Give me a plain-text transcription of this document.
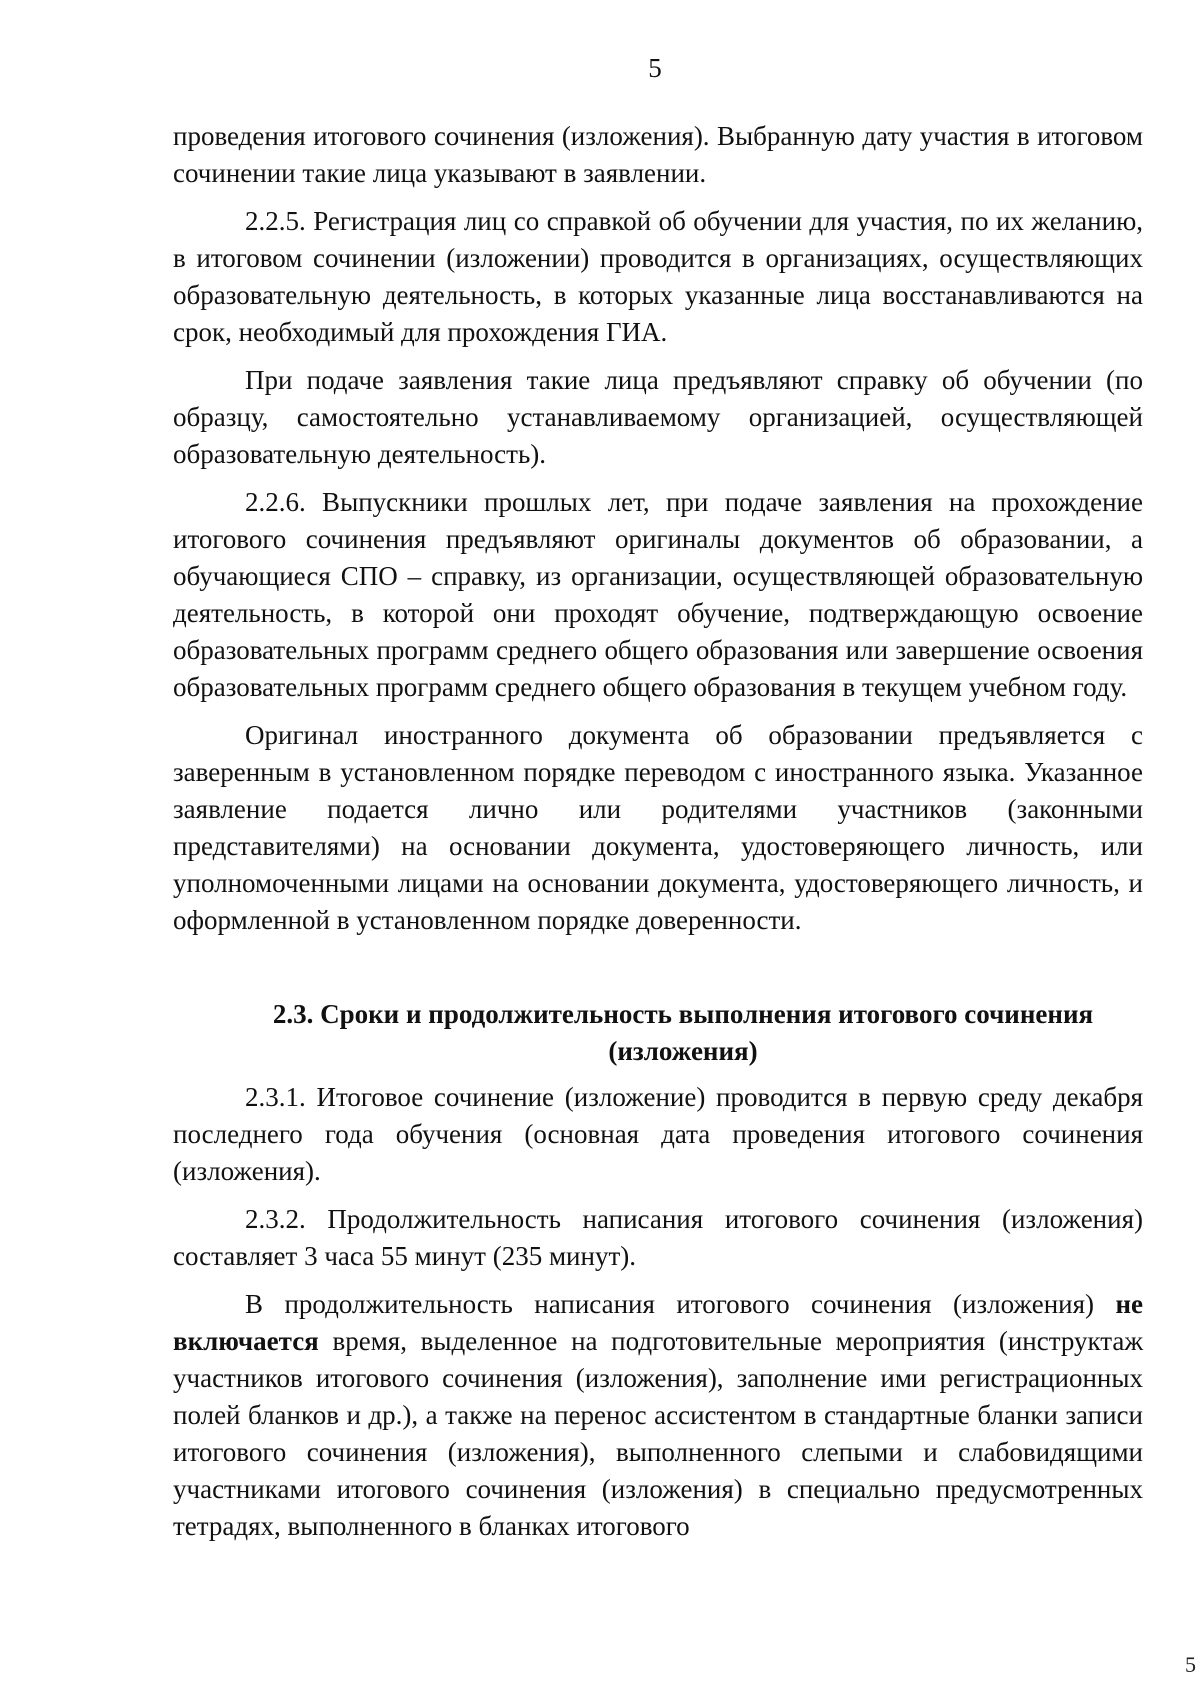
5

проведения итогового сочинения (изложения). Выбранную дату участия в итоговом сочинении такие лица указывают в заявлении.

2.2.5. Регистрация лиц со справкой об обучении для участия, по их желанию, в итоговом сочинении (изложении) проводится в организациях, осуществляющих образовательную деятельность, в которых указанные лица восстанавливаются на срок, необходимый для прохождения ГИА.

При подаче заявления такие лица предъявляют справку об обучении (по образцу, самостоятельно устанавливаемому организацией, осуществляющей образовательную деятельность).

2.2.6. Выпускники прошлых лет, при подаче заявления на прохождение итогового сочинения предъявляют оригиналы документов об образовании, а обучающиеся СПО – справку, из организации, осуществляющей образовательную деятельность, в которой они проходят обучение, подтверждающую освоение образовательных программ среднего общего образования или завершение освоения образовательных программ среднего общего образования в текущем учебном году.

Оригинал иностранного документа об образовании предъявляется с заверенным в установленном порядке переводом с иностранного языка. Указанное заявление подается лично или родителями участников (законными представителями) на основании документа, удостоверяющего личность, или уполномоченными лицами на основании документа, удостоверяющего личность, и оформленной в установленном порядке доверенности.

2.3. Сроки и продолжительность выполнения итогового сочинения
(изложения)

2.3.1. Итоговое сочинение (изложение) проводится в первую среду декабря последнего года обучения (основная дата проведения итогового сочинения (изложения).

2.3.2. Продолжительность написания итогового сочинения (изложения) составляет 3 часа 55 минут (235 минут).

В продолжительность написания итогового сочинения (изложения) не включается время, выделенное на подготовительные мероприятия (инструктаж участников итогового сочинения (изложения), заполнение ими регистрационных полей бланков и др.), а также на перенос ассистентом в стандартные бланки записи итогового сочинения (изложения), выполненного слепыми и слабовидящими участниками итогового сочинения (изложения) в специально предусмотренных тетрадях, выполненного в бланках итогового

5
